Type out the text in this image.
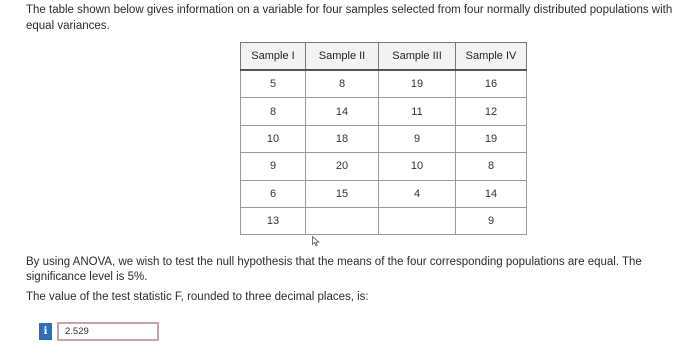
The table shown below gives information on a variable for four samples selected from four normally distributed populations with equal variances.
Sample I	Sample II	Sample III	Sample IV
5	8	19	16
8	14	11	12
10	18	9	19
9	20	10	8
6	15	4	14
13			9
By using ANOVA, we wish to test the null hypothesis that the means of the four corresponding populations are equal. The significance level is 5%.
The value of the test statistic F, rounded to three decimal places, is:
i	2.529
